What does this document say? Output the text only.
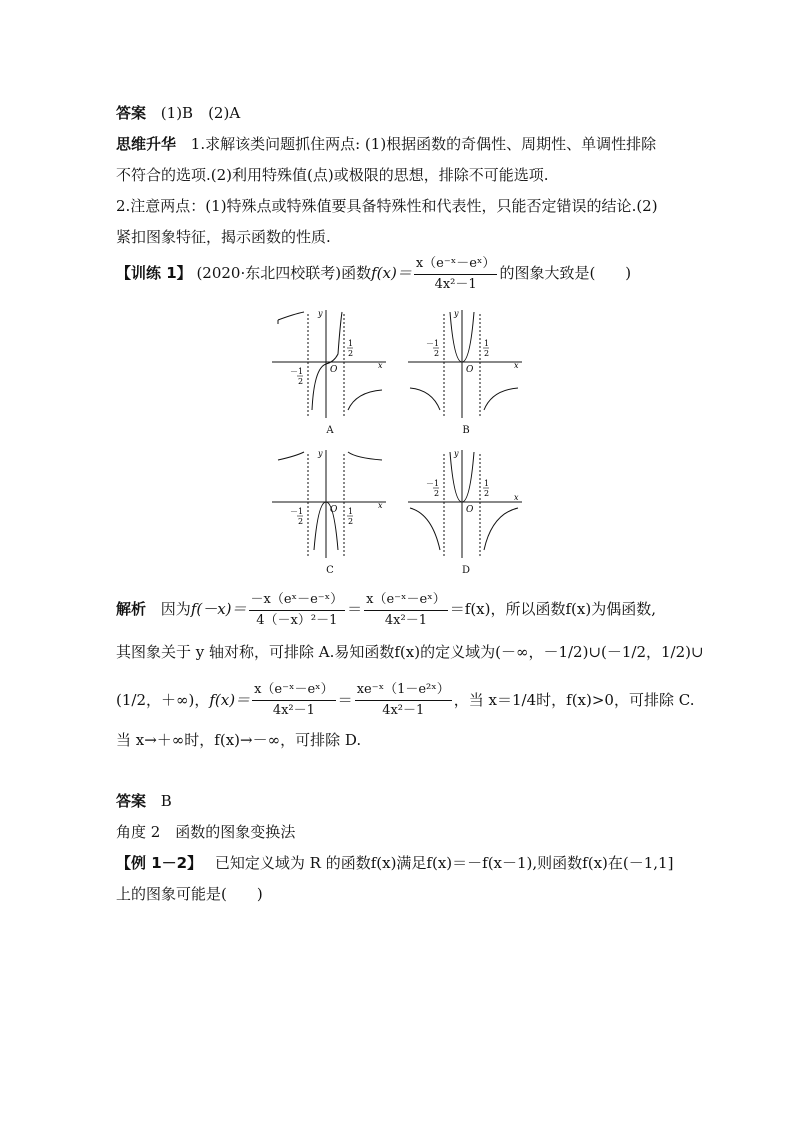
答案 (1)B　(2)A
思维升华 1.求解该类问题抓住两点: (1)根据函数的奇偶性、周期性、单调性排除
不符合的选项.(2)利用特殊值(点)或极限的思想，排除不可能选项.
2.注意两点：(1)特殊点或特殊值要具备特殊性和代表性，只能否定错误的结论.(2)
紧扣图象特征，揭示函数的性质.
【训练 1】 (2020·东北四校联考)函数$f(x)= \frac{\text{x（e⁻ˣ－eˣ）}}{\text{4x²－1}}$ 的图象大致是(　　)
O	x
y
1
2
－1
2
A
O	x
y
1
2
－1
2
B
O	x
y
1
2
－1
2
C
O
x
y
1
2
－1
2
D
解析 因为$f(-x)= \frac{\text{－x（eˣ－e⁻ˣ）}}{\text{4（－x）²－1}} = \frac{\text{x（e⁻ˣ－eˣ）}}{\text{4x²－1}} =f(x)$，所以函数f(x)为偶函数,
其图象关于 y 轴对称，可排除 A.易知函数f(x)的定义域为(－∞，－1/2)∪(－1/2，1/2)∪
(1/2，＋∞)，$f(x)= \frac{\text{x（e⁻ˣ－eˣ）}}{\text{4x²－1}} = \frac{\text{xe⁻ˣ（1－e²ˣ）}}{\text{4x²－1}}$ ，当 x＝1/4时，f(x)>0，可排除 C.
当 x→＋∞时，f(x)→－∞，可排除 D.
答案 B
角度 2　函数的图象变换法
【例 1－2】 已知定义域为 R 的函数f(x)满足f(x)＝－f(x－1),则函数f(x)在(－1,1]
上的图象可能是(　　)
